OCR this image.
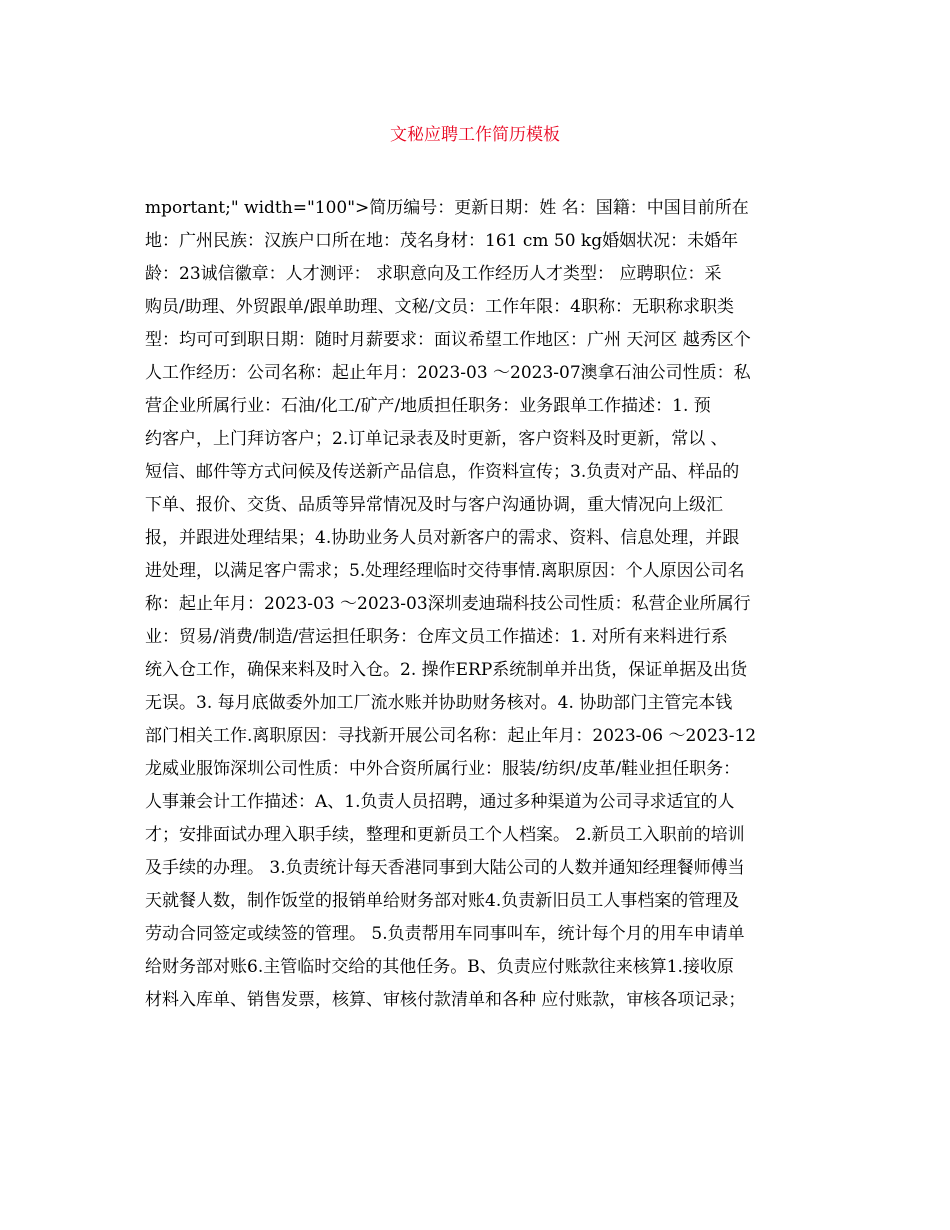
文秘应聘工作简历模板
mportant;" width="100">简历编号：更新日期：姓 名：国籍：中国目前所在
地：广州民族：汉族户口所在地：茂名身材：161 cm 50 kg婚姻状况：未婚年
龄：23诚信徽章：人才测评： 求职意向及工作经历人才类型： 应聘职位：采
购员/助理、外贸跟单/跟单助理、文秘/文员：工作年限：4职称：无职称求职类
型：均可可到职日期：随时月薪要求：面议希望工作地区：广州 天河区 越秀区个
人工作经历：公司名称：起止年月：2023-03 ～2023-07澳拿石油公司性质：私
营企业所属行业：石油/化工/矿产/地质担任职务：业务跟单工作描述：1. 预
约客户，上门拜访客户；2.订单记录表及时更新，客户资料及时更新，常以 、
短信、邮件等方式问候及传送新产品信息，作资料宣传；3.负责对产品、样品的
下单、报价、交货、品质等异常情况及时与客户沟通协调，重大情况向上级汇
报，并跟进处理结果；4.协助业务人员对新客户的需求、资料、信息处理，并跟
进处理，以满足客户需求；5.处理经理临时交待事情.离职原因：个人原因公司名
称：起止年月：2023-03 ～2023-03深圳麦迪瑞科技公司性质：私营企业所属行
业：贸易/消费/制造/营运担任职务：仓库文员工作描述：1. 对所有来料进行系
统入仓工作，确保来料及时入仓。2. 操作ERP系统制单并出货，保证单据及出货
无误。3. 每月底做委外加工厂流水账并协助财务核对。4. 协助部门主管完本钱
部门相关工作.离职原因：寻找新开展公司名称：起止年月：2023-06 ～2023-12
龙威业服饰深圳公司性质：中外合资所属行业：服装/纺织/皮革/鞋业担任职务：
人事兼会计工作描述：A、1.负责人员招聘，通过多种渠道为公司寻求适宜的人
才；安排面试办理入职手续，整理和更新员工个人档案。 2.新员工入职前的培训
及手续的办理。 3.负责统计每天香港同事到大陆公司的人数并通知经理餐师傅当
天就餐人数，制作饭堂的报销单给财务部对账4.负责新旧员工人事档案的管理及
劳动合同签定或续签的管理。 5.负责帮用车同事叫车，统计每个月的用车申请单
给财务部对账6.主管临时交给的其他任务。B、负责应付账款往来核算1.接收原
材料入库单、销售发票，核算、审核付款清单和各种 应付账款，审核各项记录；
